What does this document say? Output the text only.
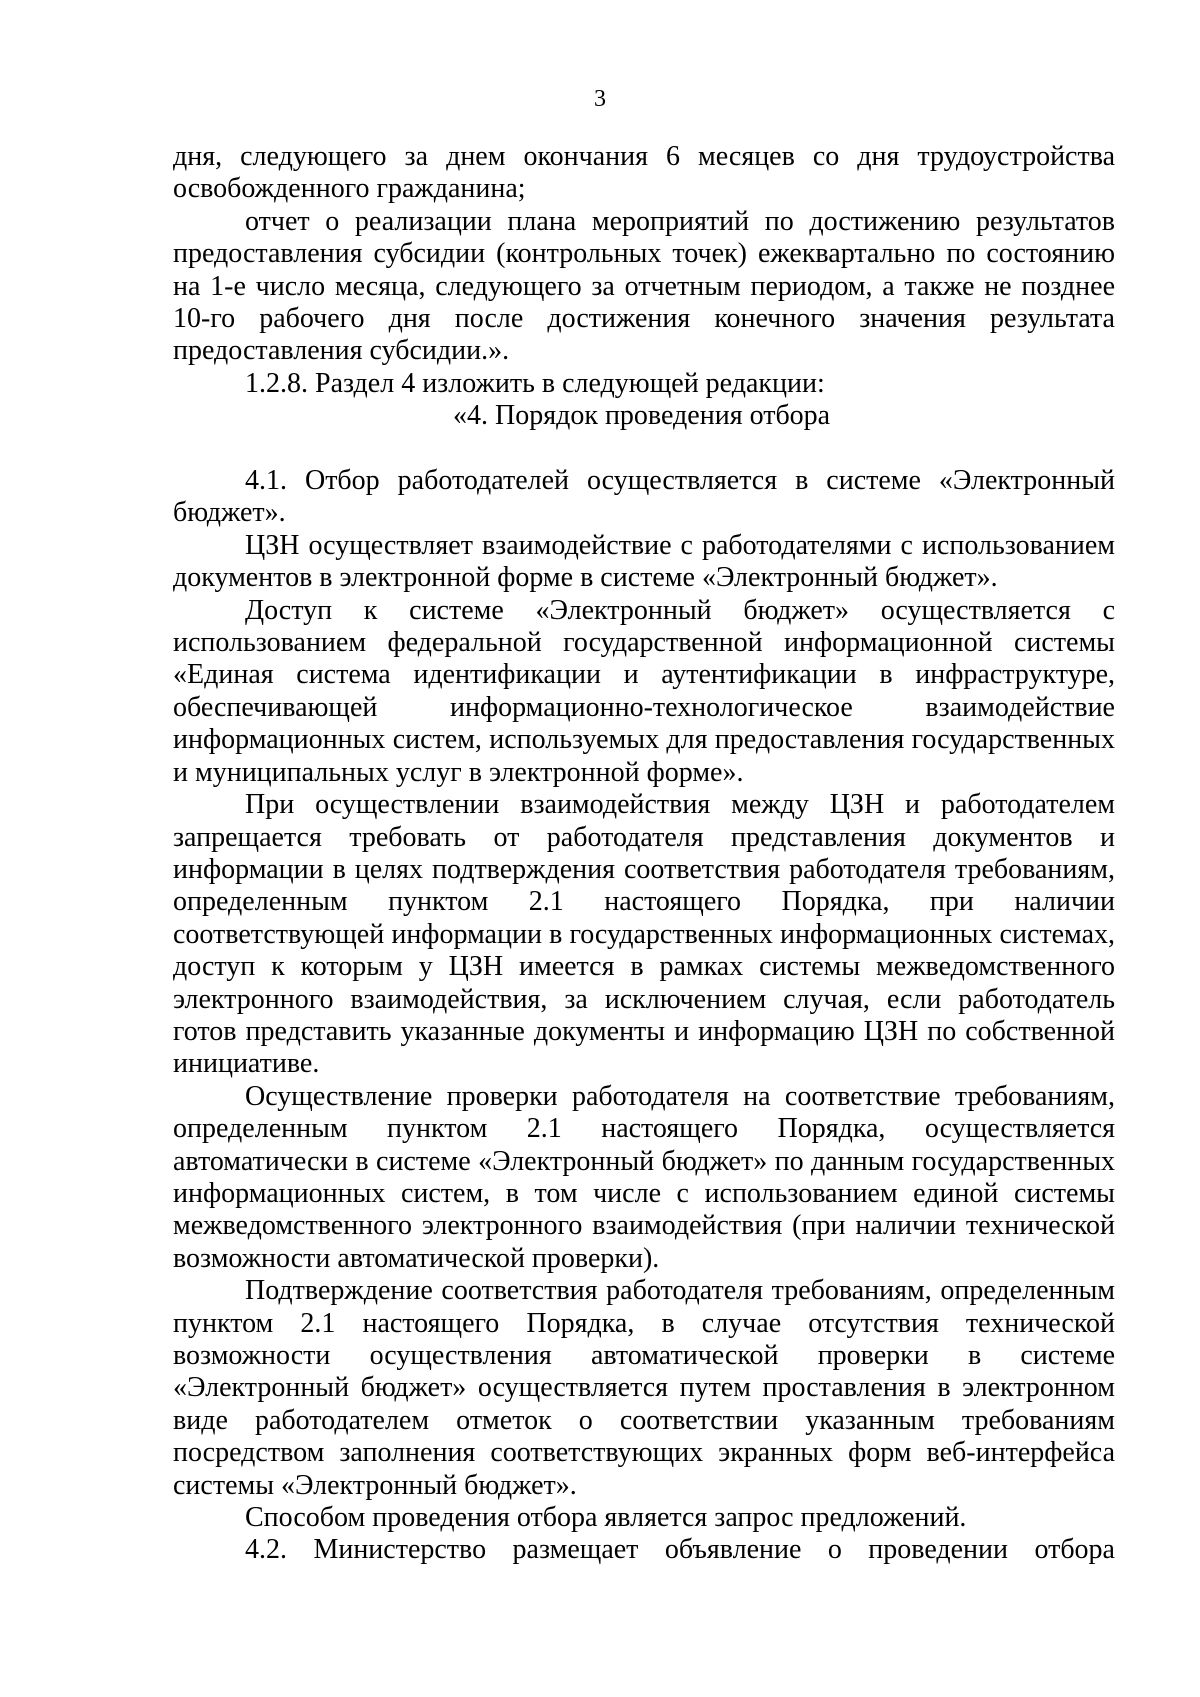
3

дня, следующего за днем окончания 6 месяцев со дня трудоустройства освобожденного гражданина;

отчет о реализации плана мероприятий по достижению результатов предоставления субсидии (контрольных точек) ежеквартально по состоянию на 1-е число месяца, следующего за отчетным периодом, а также не позднее 10-го рабочего дня после достижения конечного значения результата предоставления субсидии.».

1.2.8. Раздел 4 изложить в следующей редакции:

«4. Порядок проведения отбора

4.1. Отбор работодателей осуществляется в системе «Электронный бюджет».

ЦЗН осуществляет взаимодействие с работодателями с использованием документов в электронной форме в системе «Электронный бюджет».

Доступ к системе «Электронный бюджет» осуществляется с использованием федеральной государственной информационной системы «Единая система идентификации и аутентификации в инфраструктуре, обеспечивающей информационно-технологическое взаимодействие информационных систем, используемых для предоставления государственных и муниципальных услуг в электронной форме».

При осуществлении взаимодействия между ЦЗН и работодателем запрещается требовать от работодателя представления документов и информации в целях подтверждения соответствия работодателя требованиям, определенным пунктом 2.1 настоящего Порядка, при наличии соответствующей информации в государственных информационных системах, доступ к которым у ЦЗН имеется в рамках системы межведомственного электронного взаимодействия, за исключением случая, если работодатель готов представить указанные документы и информацию ЦЗН по собственной инициативе.

Осуществление проверки работодателя на соответствие требованиям, определенным пунктом 2.1 настоящего Порядка, осуществляется автоматически в системе «Электронный бюджет» по данным государственных информационных систем, в том числе с использованием единой системы межведомственного электронного взаимодействия (при наличии технической возможности автоматической проверки).

Подтверждение соответствия работодателя требованиям, определенным пунктом 2.1 настоящего Порядка, в случае отсутствия технической возможности осуществления автоматической проверки в системе «Электронный бюджет» осуществляется путем проставления в электронном виде работодателем отметок о соответствии указанным требованиям посредством заполнения соответствующих экранных форм веб-интерфейса системы «Электронный бюджет».

Способом проведения отбора является запрос предложений.

4.2. Министерство размещает объявление о проведении отбора
